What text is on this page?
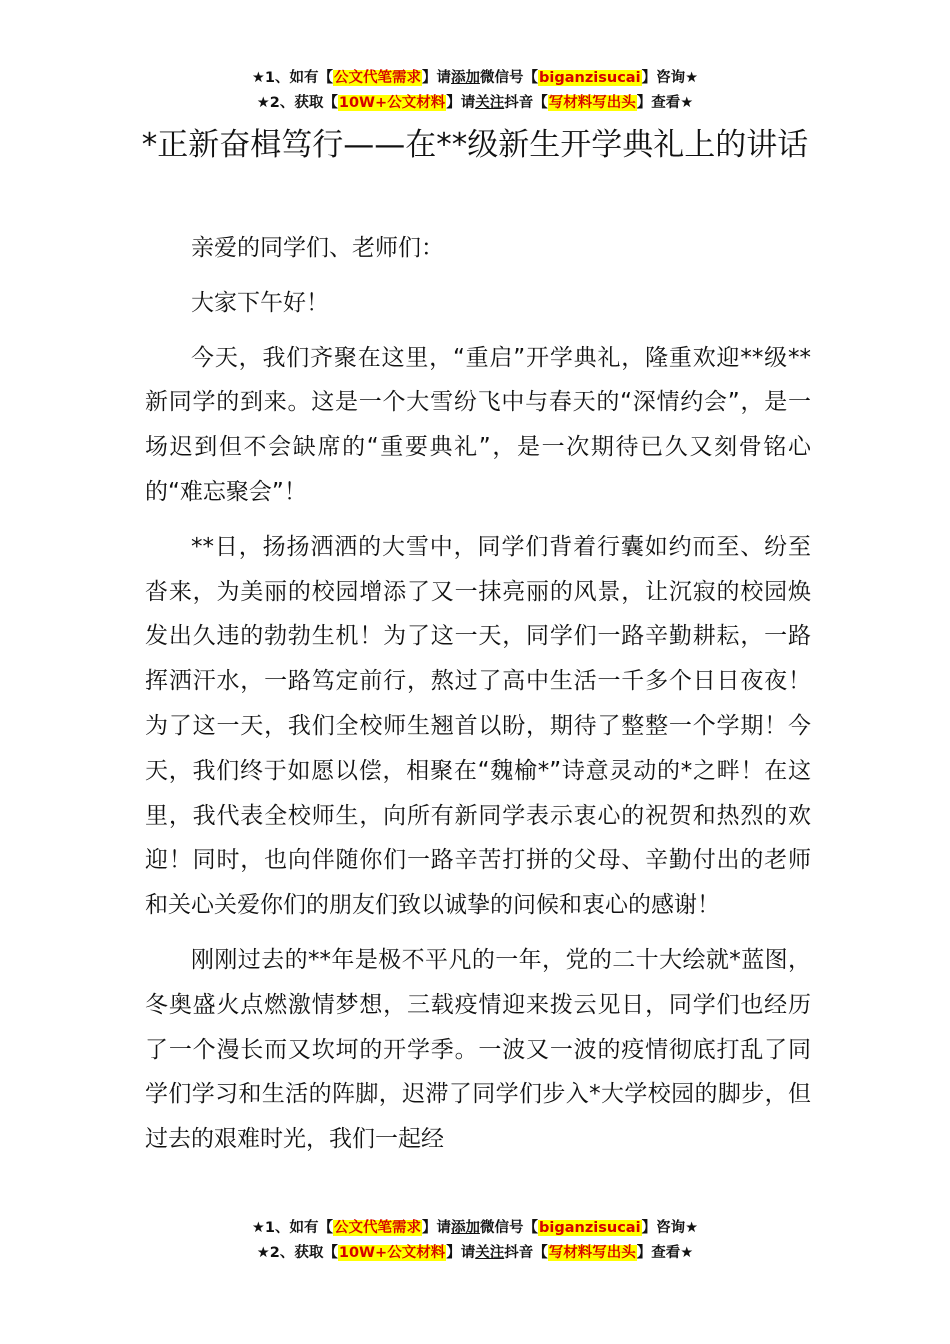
★1、如有【公文代笔需求】请添加微信号【biganzisucai】咨询★
★2、获取【10W+公文材料】请关注抖音【写材料写出头】查看★
*正新奋楫笃行——在**级新生开学典礼上的讲话

亲爱的同学们、老师们：

大家下午好！

今天，我们齐聚在这里，“重启”开学典礼，隆重欢迎**级**新同学的到来。这是一个大雪纷飞中与春天的“深情约会”，是一场迟到但不会缺席的“重要典礼”，是一次期待已久又刻骨铭心的“难忘聚会”！

**日，扬扬洒洒的大雪中，同学们背着行囊如约而至、纷至沓来，为美丽的校园增添了又一抹亮丽的风景，让沉寂的校园焕发出久违的勃勃生机！为了这一天，同学们一路辛勤耕耘，一路挥洒汗水，一路笃定前行，熬过了高中生活一千多个日日夜夜！为了这一天，我们全校师生翘首以盼，期待了整整一个学期！今天，我们终于如愿以偿，相聚在“魏榆*”诗意灵动的*之畔！在这里，我代表全校师生，向所有新同学表示衷心的祝贺和热烈的欢迎！同时，也向伴随你们一路辛苦打拼的父母、辛勤付出的老师和关心关爱你们的朋友们致以诚挚的问候和衷心的感谢！

刚刚过去的**年是极不平凡的一年，党的二十大绘就*蓝图，冬奥盛火点燃激情梦想，三载疫情迎来拨云见日，同学们也经历了一个漫长而又坎坷的开学季。一波又一波的疫情彻底打乱了同学们学习和生活的阵脚，迟滞了同学们步入*大学校园的脚步，但过去的艰难时光，我们一起经

★1、如有【公文代笔需求】请添加微信号【biganzisucai】咨询★
★2、获取【10W+公文材料】请关注抖音【写材料写出头】查看★
